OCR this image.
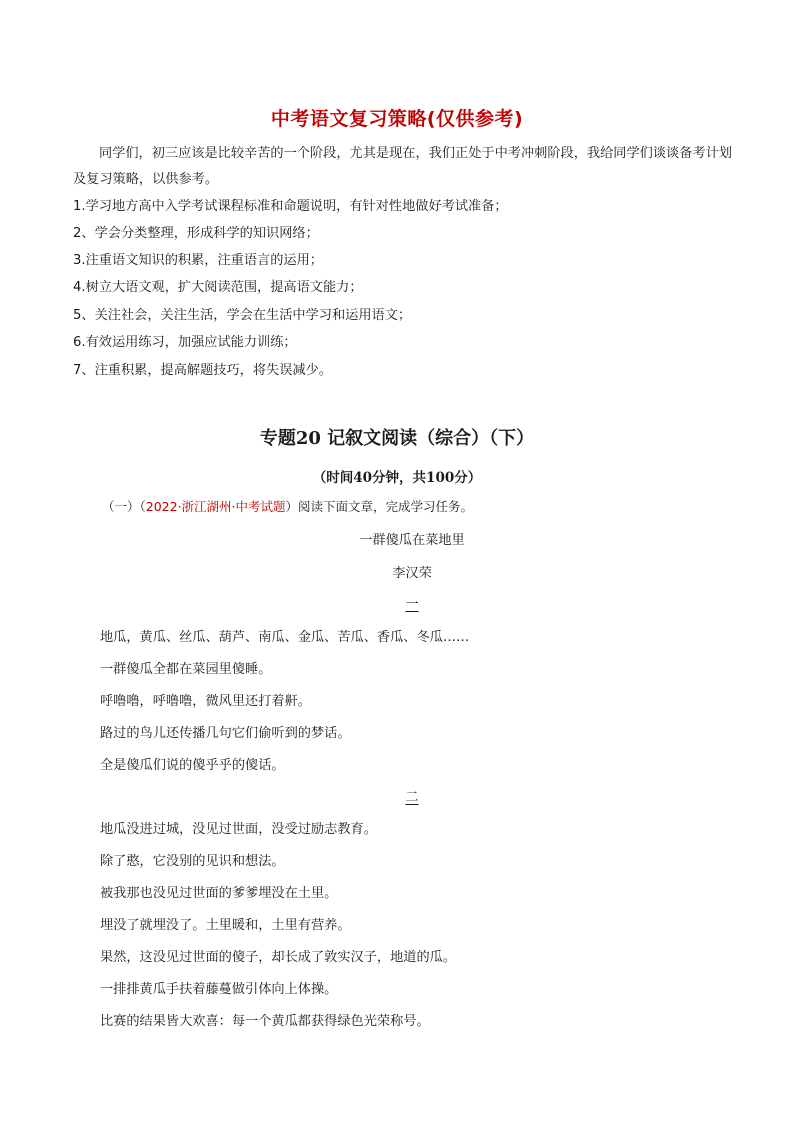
中考语文复习策略(仅供参考)
同学们，初三应该是比较辛苦的一个阶段，尤其是现在，我们正处于中考冲刺阶段，我给同学们谈谈备考计划及复习策略，以供参考。
1.学习地方高中入学考试课程标准和命题说明，有针对性地做好考试准备；
2、学会分类整理，形成科学的知识网络；
3.注重语文知识的积累，注重语言的运用；
4.树立大语文观，扩大阅读范围，提高语文能力；
5、关注社会，关注生活，学会在生活中学习和运用语文；
6.有效运用练习，加强应试能力训练；
7、注重积累，提高解题技巧，将失误减少。
专题20 记叙文阅读（综合）（下）
（时间40分钟，共100分）
（一）（2022·浙江湖州·中考试题）阅读下面文章，完成学习任务。
一群傻瓜在菜地里
李汉荣
一
地瓜，黄瓜、丝瓜、葫芦、南瓜、金瓜、苦瓜、香瓜、冬瓜……
一群傻瓜全都在菜园里傻睡。
呼噜噜，呼噜噜，微风里还打着鼾。
路过的鸟儿还传播几句它们偷听到的梦话。
全是傻瓜们说的傻乎乎的傻话。
二
地瓜没进过城，没见过世面，没受过励志教育。
除了憨，它没别的见识和想法。
被我那也没见过世面的爹爹埋没在土里。
埋没了就埋没了。土里暖和，土里有营养。
果然，这没见过世面的傻子，却长成了敦实汉子，地道的瓜。
一排排黄瓜手扶着藤蔓做引体向上体操。
比赛的结果皆大欢喜：每一个黄瓜都获得绿色光荣称号。
